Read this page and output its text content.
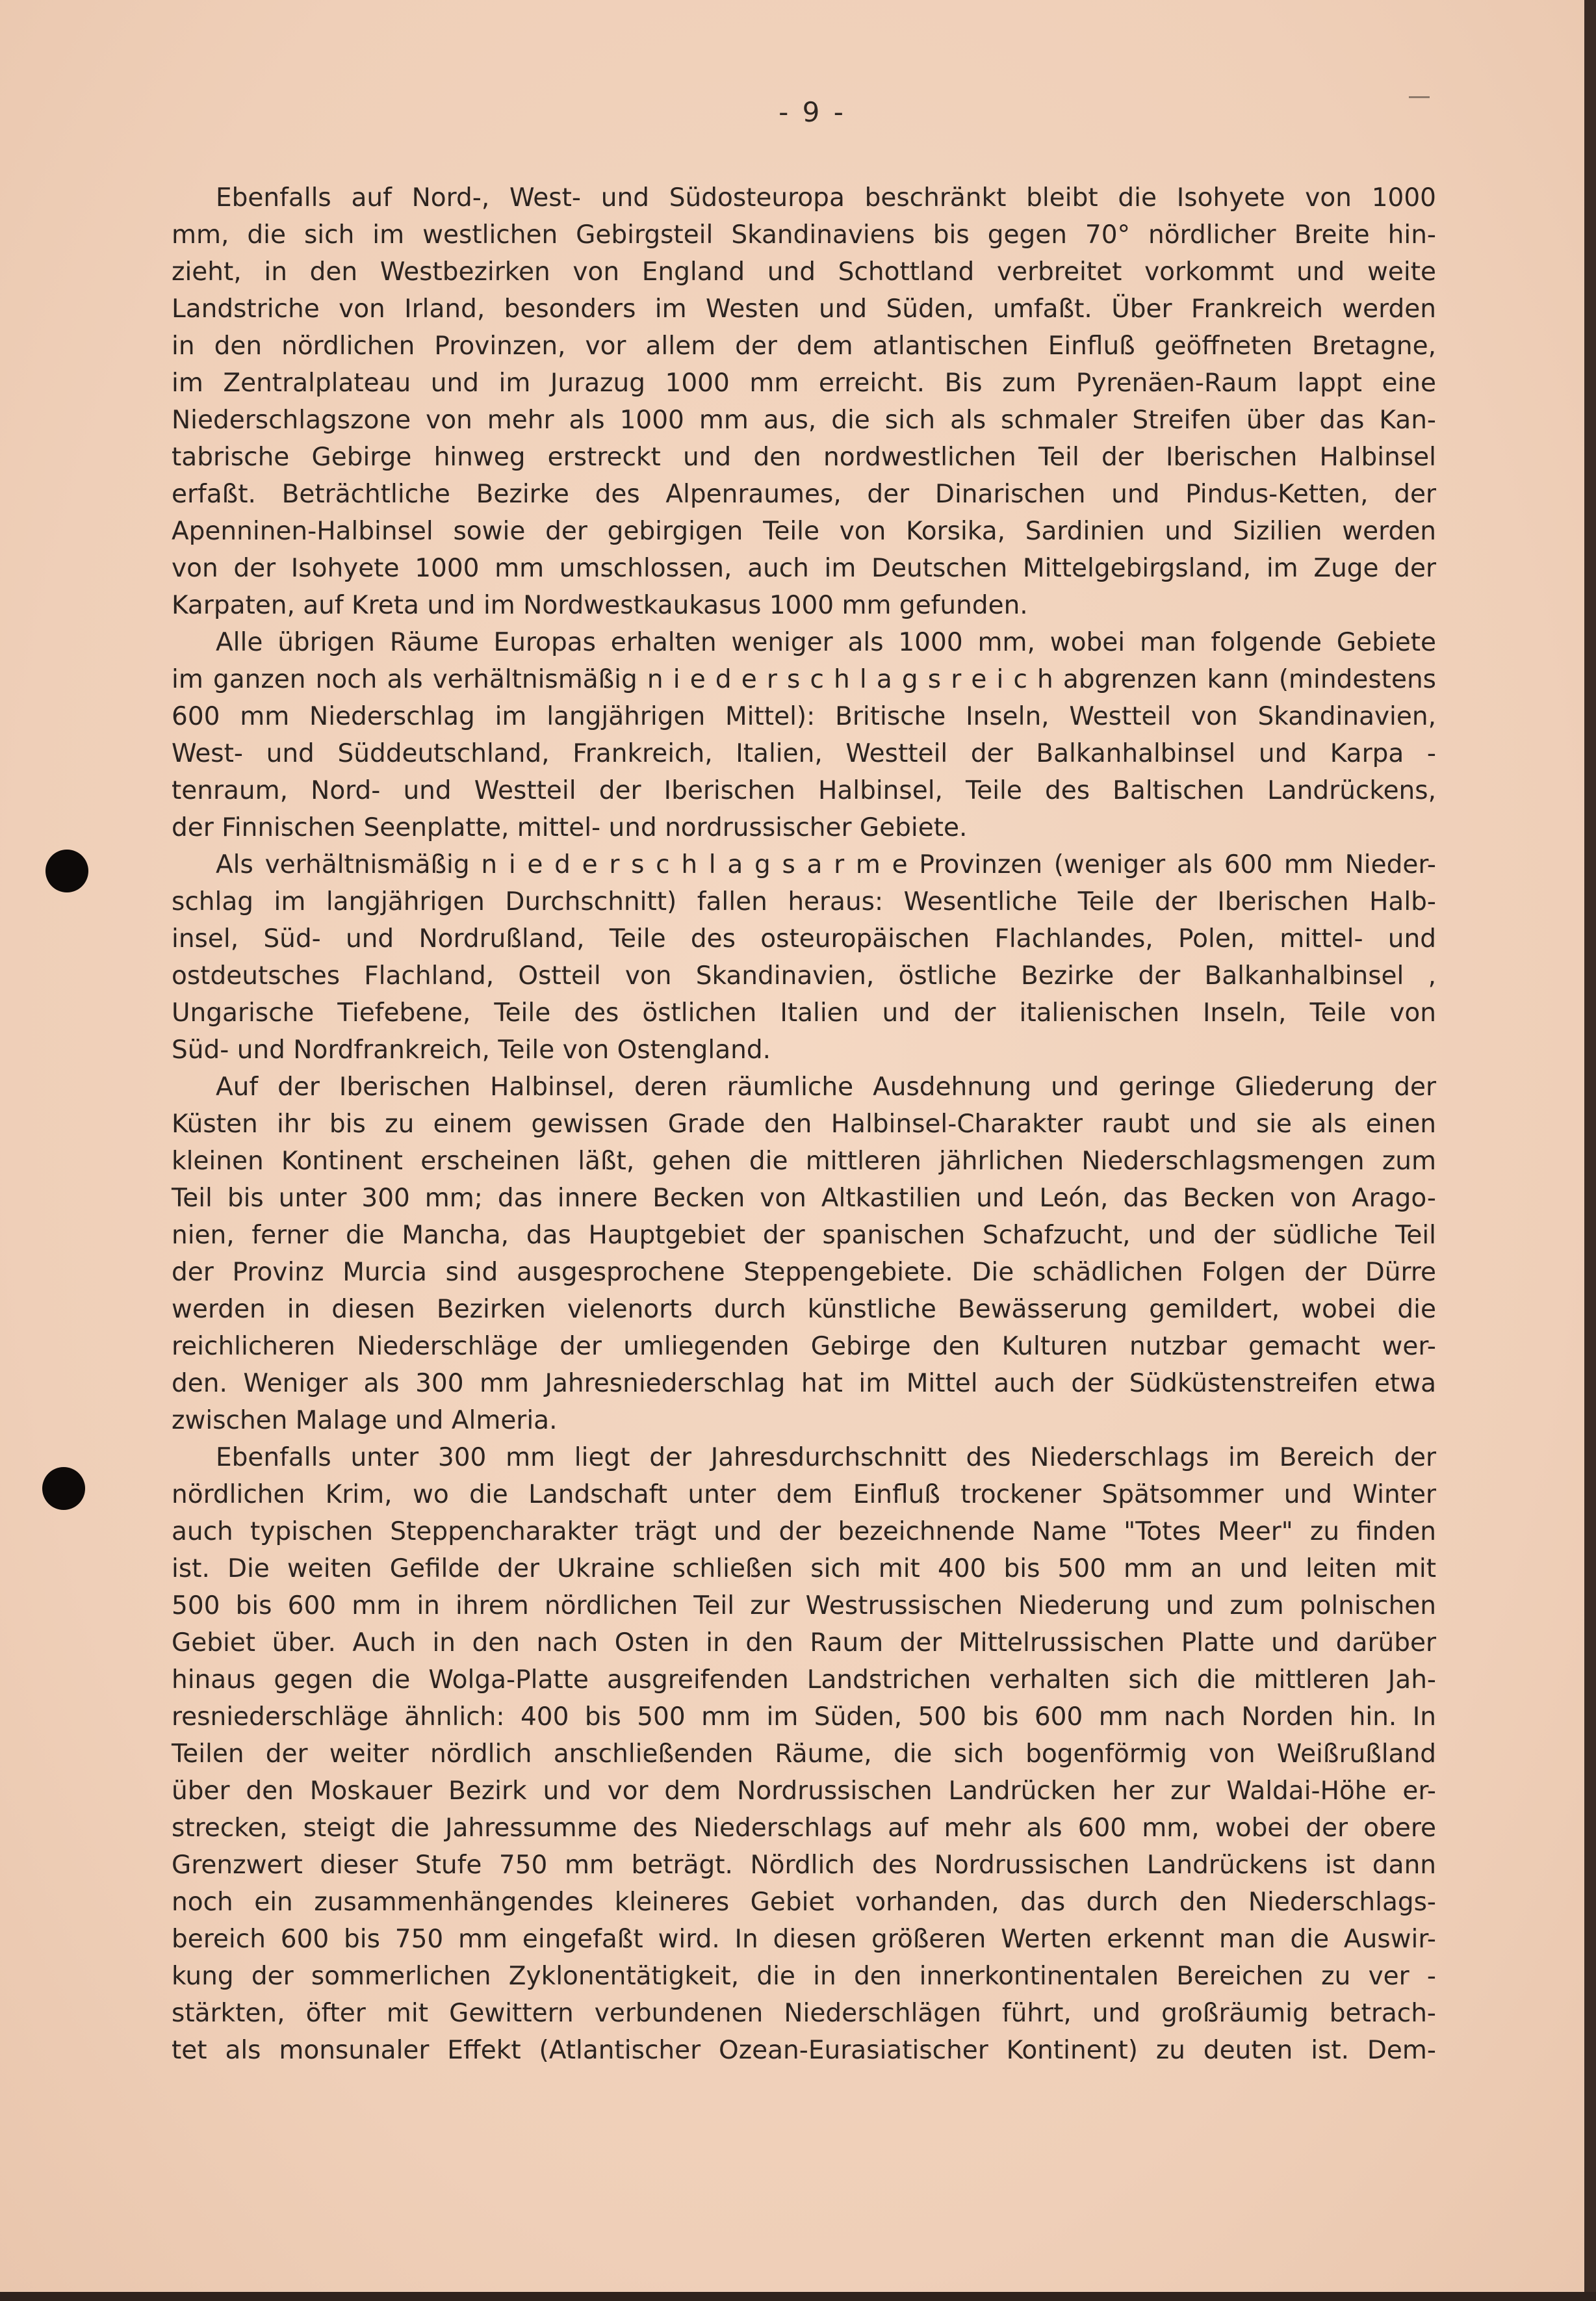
- 9 -
Ebenfalls auf Nord-, West- und Südosteuropa beschränkt bleibt die Isohyete von 1000
mm, die sich im westlichen Gebirgsteil Skandinaviens bis gegen 70° nördlicher Breite hin-
zieht, in den Westbezirken von England und Schottland verbreitet vorkommt und weite
Landstriche von Irland, besonders im Westen und Süden, umfaßt. Über Frankreich werden
in den nördlichen Provinzen, vor allem der dem atlantischen Einfluß geöffneten Bretagne,
im Zentralplateau und im Jurazug 1000 mm erreicht. Bis zum Pyrenäen-Raum lappt eine
Niederschlagszone von mehr als 1000 mm aus, die sich als schmaler Streifen über das Kan-
tabrische Gebirge hinweg erstreckt und den nordwestlichen Teil der Iberischen Halbinsel
erfaßt. Beträchtliche Bezirke des Alpenraumes, der Dinarischen und Pindus-Ketten, der
Apenninen-Halbinsel sowie der gebirgigen Teile von Korsika, Sardinien und Sizilien werden
von der Isohyete 1000 mm umschlossen, auch im Deutschen Mittelgebirgsland, im Zuge der
Karpaten, auf Kreta und im Nordwestkaukasus 1000 mm gefunden.
Alle übrigen Räume Europas erhalten weniger als 1000 mm, wobei man folgende Gebiete
im ganzen noch als verhältnismäßig n i e d e r s c h l a g s r e i c h abgrenzen kann (mindestens
600 mm Niederschlag im langjährigen Mittel): Britische Inseln, Westteil von Skandinavien,
West- und Süddeutschland, Frankreich, Italien, Westteil der Balkanhalbinsel und Karpa -
tenraum, Nord- und Westteil der Iberischen Halbinsel, Teile des Baltischen Landrückens,
der Finnischen Seenplatte, mittel- und nordrussischer Gebiete.
Als verhältnismäßig n i e d e r s c h l a g s a r m e Provinzen (weniger als 600 mm Nieder-
schlag im langjährigen Durchschnitt) fallen heraus: Wesentliche Teile der Iberischen Halb-
insel, Süd- und Nordrußland, Teile des osteuropäischen Flachlandes, Polen, mittel- und
ostdeutsches Flachland, Ostteil von Skandinavien, östliche Bezirke der Balkanhalbinsel ,
Ungarische Tiefebene, Teile des östlichen Italien und der italienischen Inseln, Teile von
Süd- und Nordfrankreich, Teile von Ostengland.
Auf der Iberischen Halbinsel, deren räumliche Ausdehnung und geringe Gliederung der
Küsten ihr bis zu einem gewissen Grade den Halbinsel-Charakter raubt und sie als einen
kleinen Kontinent erscheinen läßt, gehen die mittleren jährlichen Niederschlagsmengen zum
Teil bis unter 300 mm; das innere Becken von Altkastilien und León, das Becken von Arago-
nien, ferner die Mancha, das Hauptgebiet der spanischen Schafzucht, und der südliche Teil
der Provinz Murcia sind ausgesprochene Steppengebiete. Die schädlichen Folgen der Dürre
werden in diesen Bezirken vielenorts durch künstliche Bewässerung gemildert, wobei die
reichlicheren Niederschläge der umliegenden Gebirge den Kulturen nutzbar gemacht wer-
den. Weniger als 300 mm Jahresniederschlag hat im Mittel auch der Südküstenstreifen etwa
zwischen Malage und Almeria.
Ebenfalls unter 300 mm liegt der Jahresdurchschnitt des Niederschlags im Bereich der
nördlichen Krim, wo die Landschaft unter dem Einfluß trockener Spätsommer und Winter
auch typischen Steppencharakter trägt und der bezeichnende Name "Totes Meer" zu finden
ist. Die weiten Gefilde der Ukraine schließen sich mit 400 bis 500 mm an und leiten mit
500 bis 600 mm in ihrem nördlichen Teil zur Westrussischen Niederung und zum polnischen
Gebiet über. Auch in den nach Osten in den Raum der Mittelrussischen Platte und darüber
hinaus gegen die Wolga-Platte ausgreifenden Landstrichen verhalten sich die mittleren Jah-
resniederschläge ähnlich: 400 bis 500 mm im Süden, 500 bis 600 mm nach Norden hin. In
Teilen der weiter nördlich anschließenden Räume, die sich bogenförmig von Weißrußland
über den Moskauer Bezirk und vor dem Nordrussischen Landrücken her zur Waldai-Höhe er-
strecken, steigt die Jahressumme des Niederschlags auf mehr als 600 mm, wobei der obere
Grenzwert dieser Stufe 750 mm beträgt. Nördlich des Nordrussischen Landrückens ist dann
noch ein zusammenhängendes kleineres Gebiet vorhanden, das durch den Niederschlags-
bereich 600 bis 750 mm eingefaßt wird. In diesen größeren Werten erkennt man die Auswir-
kung der sommerlichen Zyklonentätigkeit, die in den innerkontinentalen Bereichen zu ver -
stärkten, öfter mit Gewittern verbundenen Niederschlägen führt, und großräumig betrach-
tet als monsunaler Effekt (Atlantischer Ozean-Eurasiatischer Kontinent) zu deuten ist. Dem-
